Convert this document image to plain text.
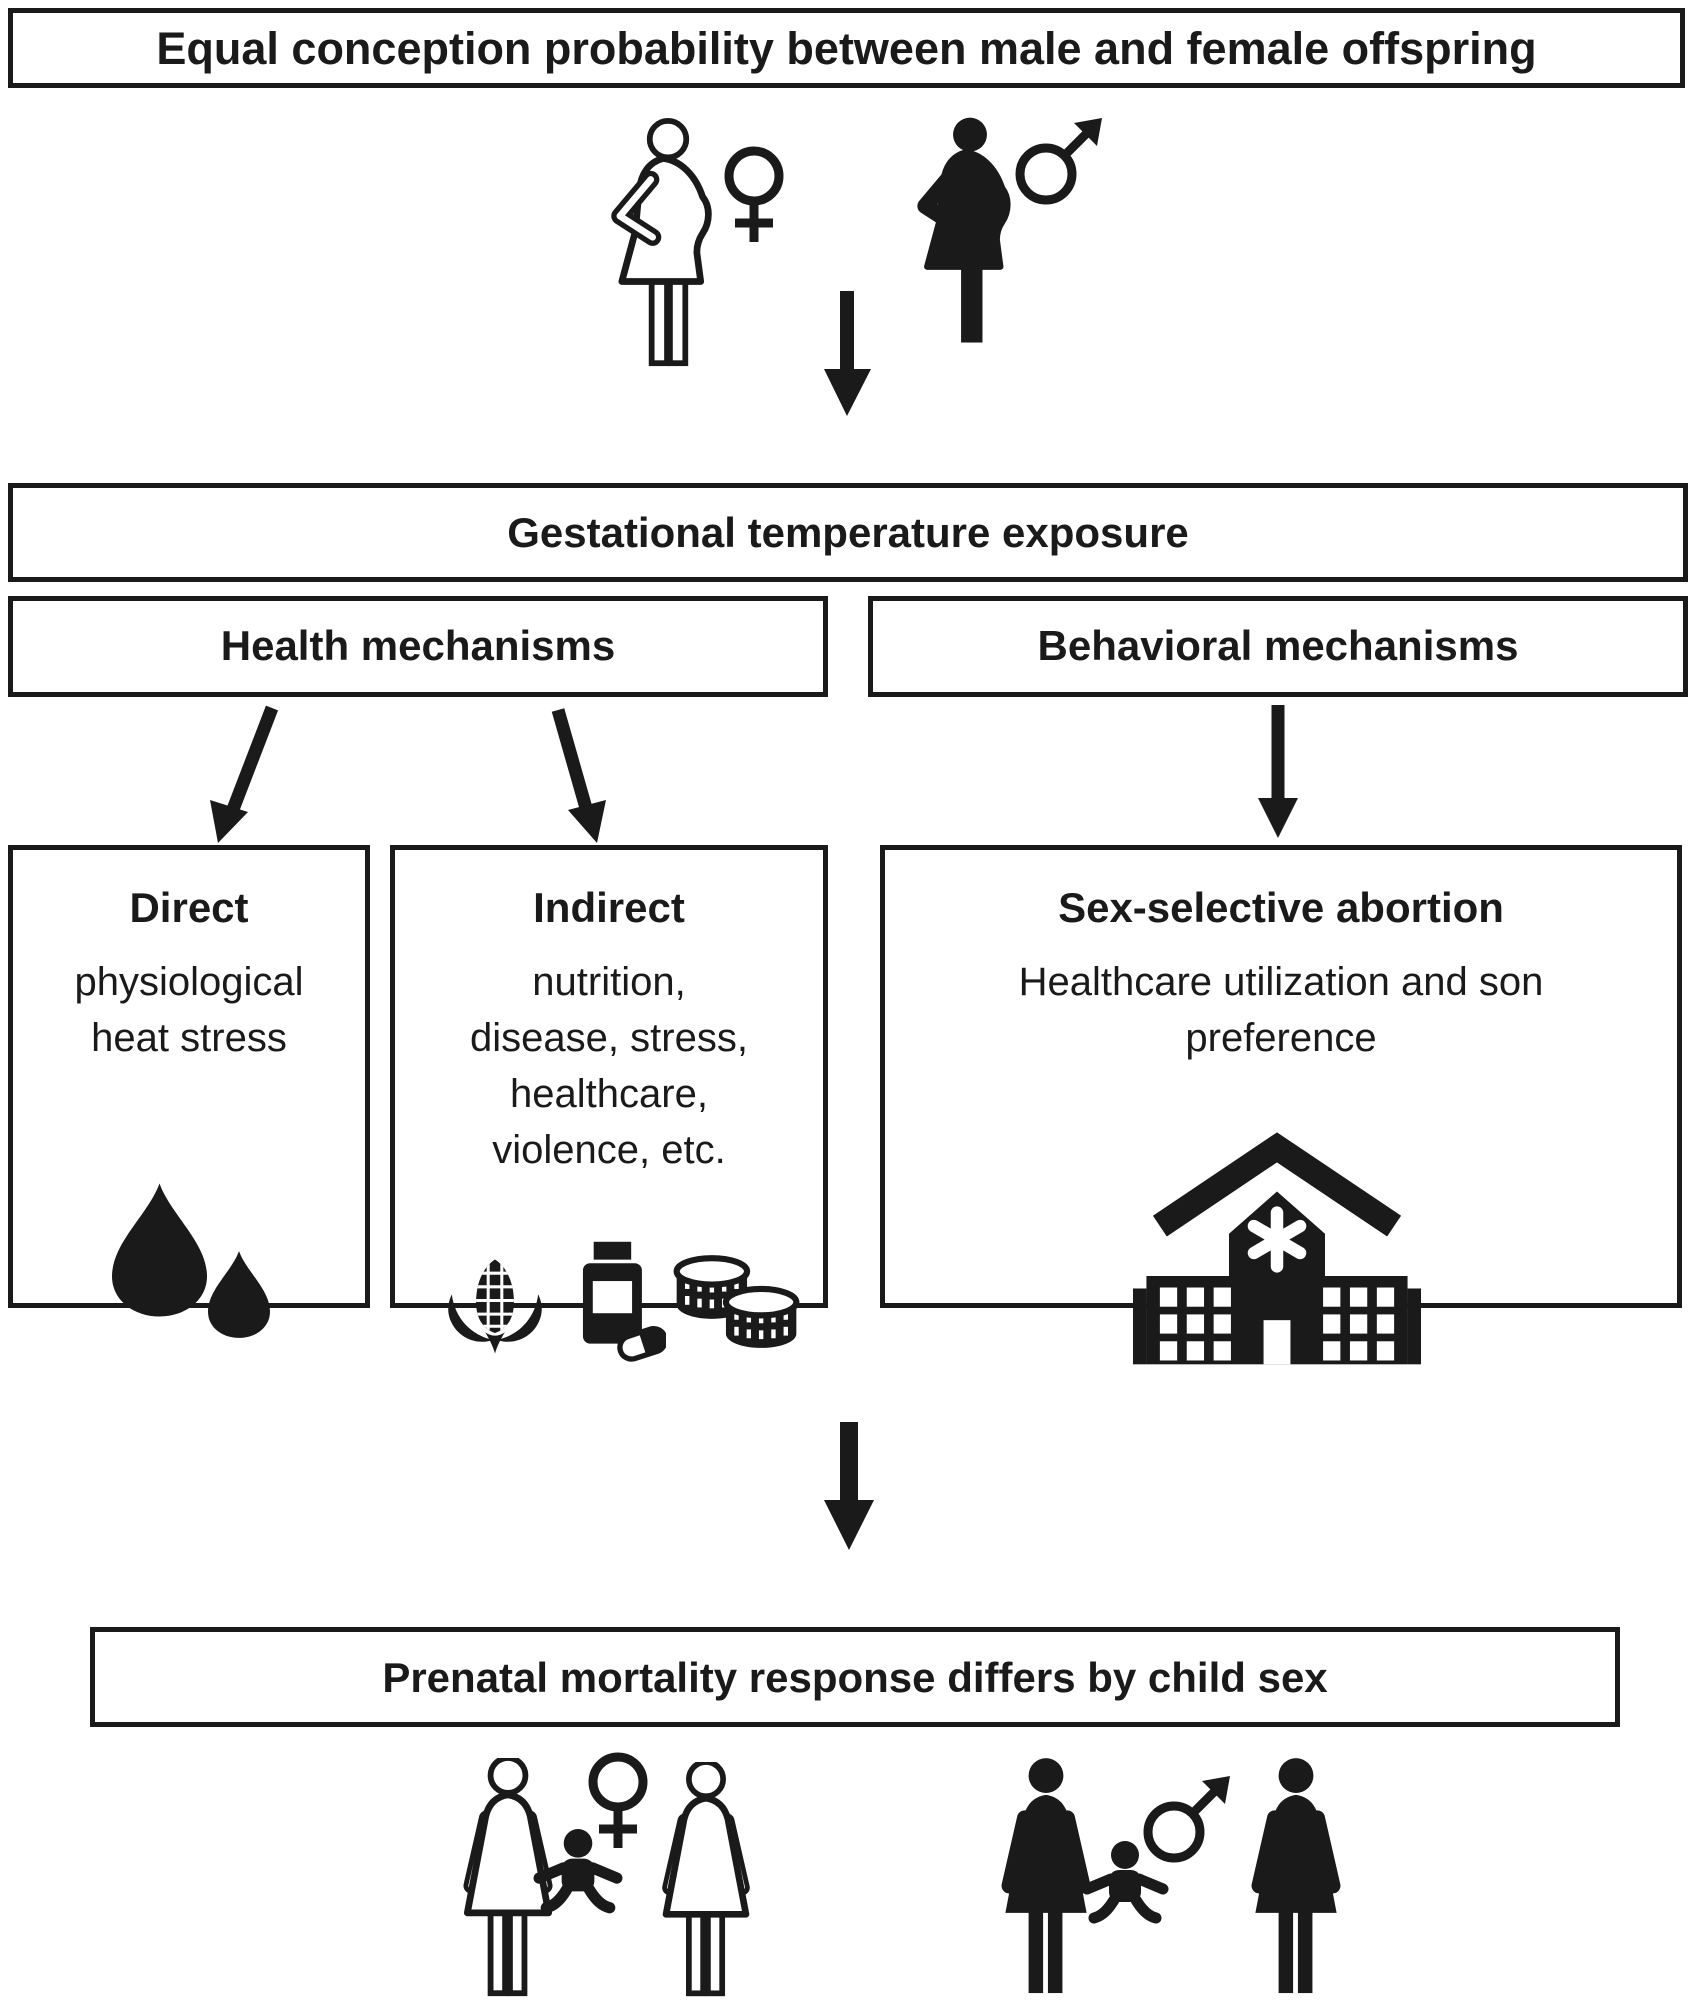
Equal conception probability between male and female offspring
Gestational temperature exposure
Health mechanisms	Behavioral mechanisms
Direct
physiological
heat stress
Indirect
nutrition,
disease, stress,
healthcare,
violence, etc.
Sex-selective abortion
Healthcare utilization and son
preference
Prenatal mortality response differs by child sex
